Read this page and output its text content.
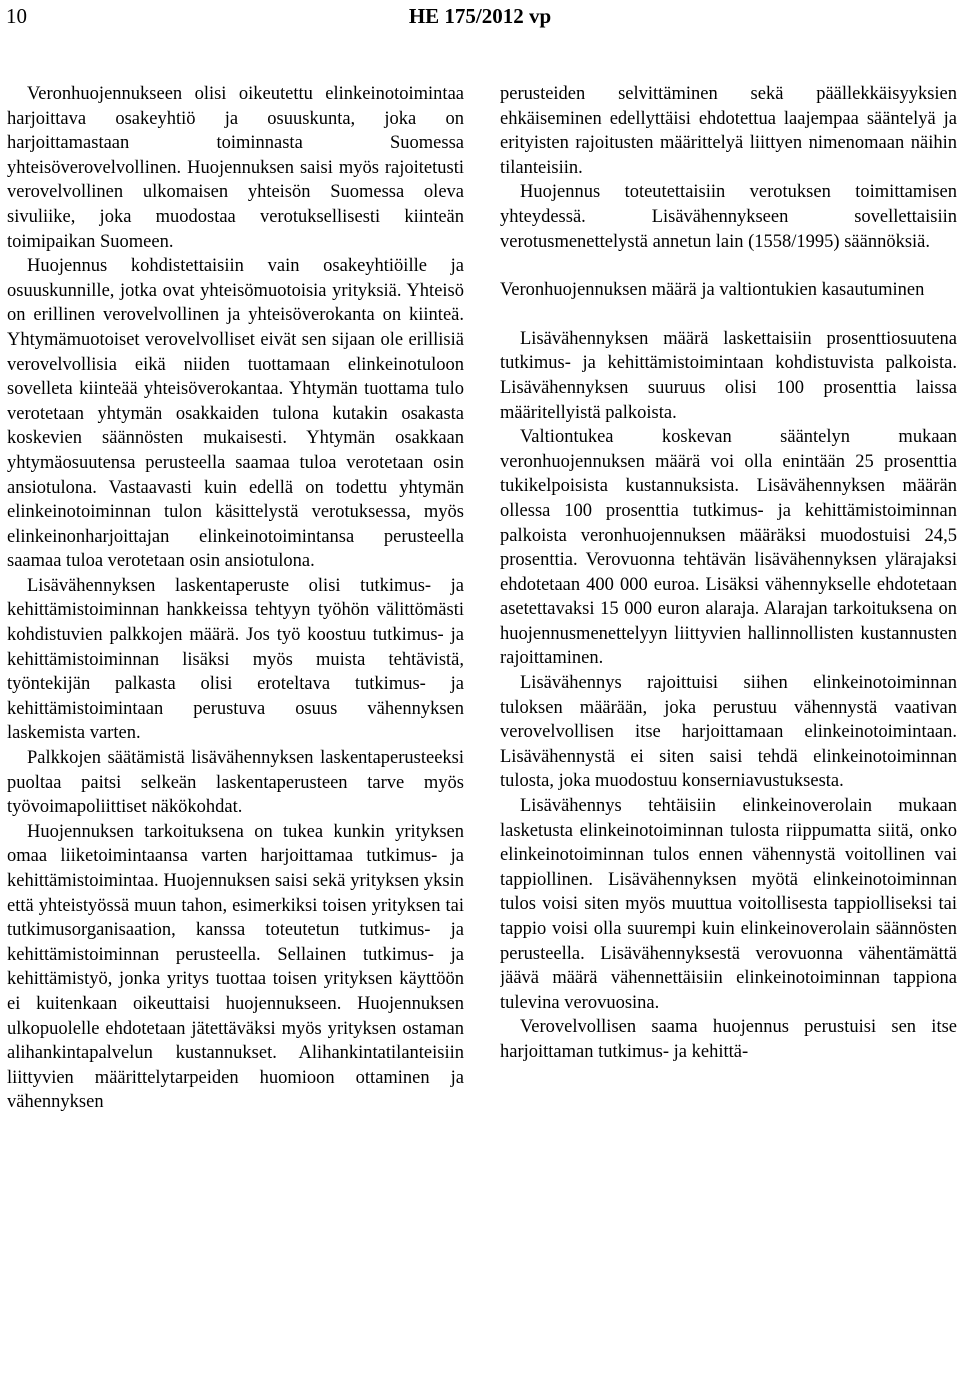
10	HE 175/2012 vp

Veronhuojennukseen olisi oikeutettu elinkeinotoimintaa harjoittava osakeyhtiö ja osuuskunta, joka on harjoittamastaan toiminnasta Suomessa yhteisöverovelvollinen. Huojennuksen saisi myös rajoitetusti verovelvollinen ulkomaisen yhteisön Suomessa oleva sivuliike, joka muodostaa verotuksellisesti kiinteän toimipaikan Suomeen.

Huojennus kohdistettaisiin vain osakeyhtiöille ja osuuskunnille, jotka ovat yhteisömuotoisia yrityksiä. Yhteisö on erillinen verovelvollinen ja yhteisöverokanta on kiinteä. Yhtymämuotoiset verovelvolliset eivät sen sijaan ole erillisiä verovelvollisia eikä niiden tuottamaan elinkeinotuloon sovelleta kiinteää yhteisöverokantaa. Yhtymän tuottama tulo verotetaan yhtymän osakkaiden tulona kutakin osakasta koskevien säännösten mukaisesti. Yhtymän osakkaan yhtymäosuutensa perusteella saamaa tuloa verotetaan osin ansiotulona. Vastaavasti kuin edellä on todettu yhtymän elinkeinotoiminnan tulon käsittelystä verotuksessa, myös elinkeinonharjoittajan elinkeinotoimintansa perusteella saamaa tuloa verotetaan osin ansiotulona.

Lisävähennyksen laskentaperuste olisi tutkimus- ja kehittämistoiminnan hankkeissa tehtyyn työhön välittömästi kohdistuvien palkkojen määrä. Jos työ koostuu tutkimus- ja kehittämistoiminnan lisäksi myös muista tehtävistä, työntekijän palkasta olisi eroteltava tutkimus- ja kehittämistoimintaan perustuva osuus vähennyksen laskemista varten.

Palkkojen säätämistä lisävähennyksen laskentaperusteeksi puoltaa paitsi selkeän laskentaperusteen tarve myös työvoimapoliittiset näkökohdat.

Huojennuksen tarkoituksena on tukea kunkin yrityksen omaa liiketoimintaansa varten harjoittamaa tutkimus- ja kehittämistoimintaa. Huojennuksen saisi sekä yrityksen yksin että yhteistyössä muun tahon, esimerkiksi toisen yrityksen tai tutkimusorganisaation, kanssa toteutetun tutkimus- ja kehittämistoiminnan perusteella. Sellainen tutkimus- ja kehittämistyö, jonka yritys tuottaa toisen yrityksen käyttöön ei kuitenkaan oikeuttaisi huojennukseen. Huojennuksen ulkopuolelle ehdotetaan jätettäväksi myös yrityksen ostaman alihankintapalvelun kustannukset. Alihankintatilanteisiin liittyvien määrittelytarpeiden huomioon ottaminen ja vähennyksen

perusteiden selvittäminen sekä päällekkäisyyksien ehkäiseminen edellyttäisi ehdotettua laajempaa sääntelyä ja erityisten rajoitusten määrittelyä liittyen nimenomaan näihin tilanteisiin.

Huojennus toteutettaisiin verotuksen toimittamisen yhteydessä. Lisävähennykseen sovellettaisiin verotusmenettelystä annetun lain (1558/1995) säännöksiä.

Veronhuojennuksen määrä ja valtiontukien kasautuminen

Lisävähennyksen määrä laskettaisiin prosenttiosuutena tutkimus- ja kehittämistoimintaan kohdistuvista palkoista. Lisävähennyksen suuruus olisi 100 prosenttia laissa määritellyistä palkoista.

Valtiontukea koskevan sääntelyn mukaan veronhuojennuksen määrä voi olla enintään 25 prosenttia tukikelpoisista kustannuksista. Lisävähennyksen määrän ollessa 100 prosenttia tutkimus- ja kehittämistoiminnan palkoista veronhuojennuksen määräksi muodostuisi 24,5 prosenttia. Verovuonna tehtävän lisävähennyksen ylärajaksi ehdotetaan 400 000 euroa. Lisäksi vähennykselle ehdotetaan asetettavaksi 15 000 euron alaraja. Alarajan tarkoituksena on huojennusmenettelyyn liittyvien hallinnollisten kustannusten rajoittaminen.

Lisävähennys rajoittuisi siihen elinkeinotoiminnan tuloksen määrään, joka perustuu vähennystä vaativan verovelvollisen itse harjoittamaan elinkeinotoimintaan. Lisävähennystä ei siten saisi tehdä elinkeinotoiminnan tulosta, joka muodostuu konserniavustuksesta.

Lisävähennys tehtäisiin elinkeinoverolain mukaan lasketusta elinkeinotoiminnan tulosta riippumatta siitä, onko elinkeinotoiminnan tulos ennen vähennystä voitollinen vai tappiollinen. Lisävähennyksen myötä elinkeinotoiminnan tulos voisi siten myös muuttua voitollisesta tappiolliseksi tai tappio voisi olla suurempi kuin elinkeinoverolain säännösten perusteella. Lisävähennyksestä verovuonna vähentämättä jäävä määrä vähennettäisiin elinkeinotoiminnan tappiona tulevina verovuosina.

Verovelvollisen saama huojennus perustuisi sen itse harjoittaman tutkimus- ja kehittä-
